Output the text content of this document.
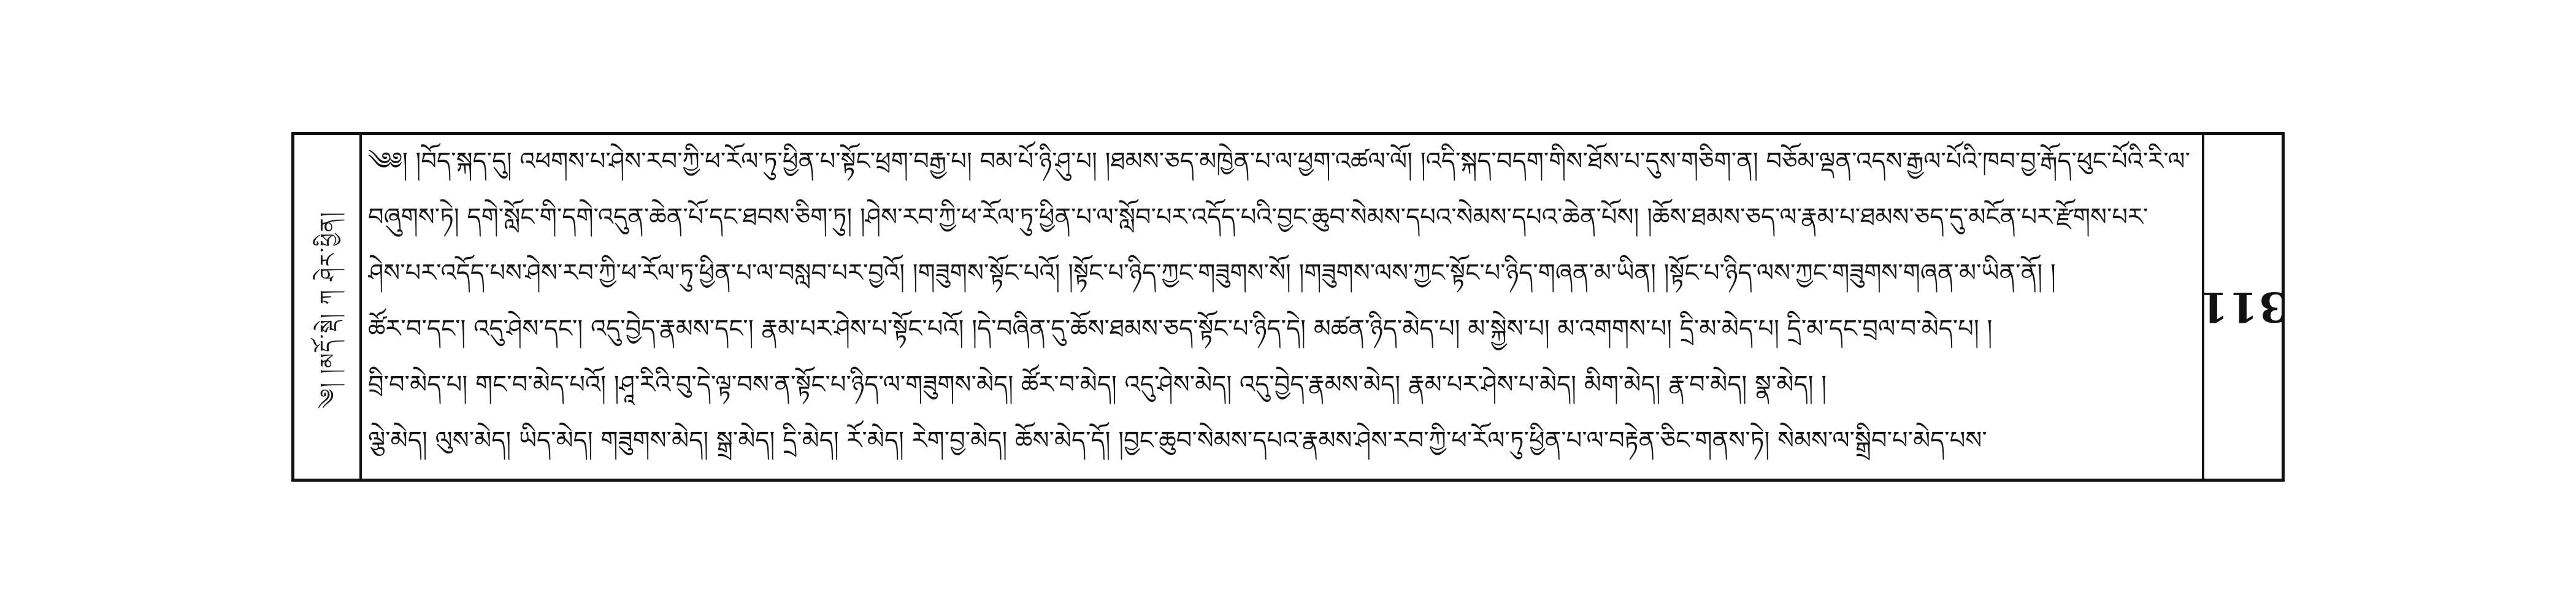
༄། །མདོ་སྡེ། ཀ ཤེར་ཕྱིན།
༄༅། །བོད་སྐད་དུ། འཕགས་པ་ཤེས་རབ་ཀྱི་ཕ་རོལ་ཏུ་ཕྱིན་པ་སྟོང་ཕྲག་བརྒྱ་པ། བམ་པོ་ཉི་ཤུ་པ། །ཐམས་ཅད་མཁྱེན་པ་ལ་ཕྱག་འཚལ་ལོ། །འདི་སྐད་བདག་གིས་ཐོས་པ་དུས་གཅིག་ན། བཅོམ་ལྡན་འདས་རྒྱལ་པོའི་ཁབ་བྱ་རྒོད་ཕུང་པོའི་རི་ལ་
བཞུགས་ཏེ། དགེ་སློང་གི་དགེ་འདུན་ཆེན་པོ་དང་ཐབས་ཅིག་ཏུ། །ཤེས་རབ་ཀྱི་ཕ་རོལ་ཏུ་ཕྱིན་པ་ལ་སློབ་པར་འདོད་པའི་བྱང་ཆུབ་སེམས་དཔའ་སེམས་དཔའ་ཆེན་པོས། །ཆོས་ཐམས་ཅད་ལ་རྣམ་པ་ཐམས་ཅད་དུ་མངོན་པར་རྫོགས་པར་
ཤེས་པར་འདོད་པས་ཤེས་རབ་ཀྱི་ཕ་རོལ་ཏུ་ཕྱིན་པ་ལ་བསླབ་པར་བྱའོ། །གཟུགས་སྟོང་པའོ། །སྟོང་པ་ཉིད་ཀྱང་གཟུགས་སོ། །གཟུགས་ལས་ཀྱང་སྟོང་པ་ཉིད་གཞན་མ་ཡིན། །སྟོང་པ་ཉིད་ལས་ཀྱང་གཟུགས་གཞན་མ་ཡིན་ནོ། །
ཚོར་བ་དང་། འདུ་ཤེས་དང་། འདུ་བྱེད་རྣམས་དང་། རྣམ་པར་ཤེས་པ་སྟོང་པའོ། །དེ་བཞིན་དུ་ཆོས་ཐམས་ཅད་སྟོང་པ་ཉིད་དེ། མཚན་ཉིད་མེད་པ། མ་སྐྱེས་པ། མ་འགགས་པ། དྲི་མ་མེད་པ། དྲི་མ་དང་བྲལ་བ་མེད་པ། །
བྲི་བ་མེད་པ། གང་བ་མེད་པའོ། །ཤཱ་རིའི་བུ་དེ་ལྟ་བས་ན་སྟོང་པ་ཉིད་ལ་གཟུགས་མེད། ཚོར་བ་མེད། འདུ་ཤེས་མེད། འདུ་བྱེད་རྣམས་མེད། རྣམ་པར་ཤེས་པ་མེད། མིག་མེད། རྣ་བ་མེད། སྣ་མེད། །
ལྕེ་མེད། ལུས་མེད། ཡིད་མེད། གཟུགས་མེད། སྒྲ་མེད། དྲི་མེད། རོ་མེད། རེག་བྱ་མེད། ཆོས་མེད་དོ། །བྱང་ཆུབ་སེམས་དཔའ་རྣམས་ཤེས་རབ་ཀྱི་ཕ་རོལ་ཏུ་ཕྱིན་པ་ལ་བརྟེན་ཅིང་གནས་ཏེ། སེམས་ལ་སྒྲིབ་པ་མེད་པས་
311
